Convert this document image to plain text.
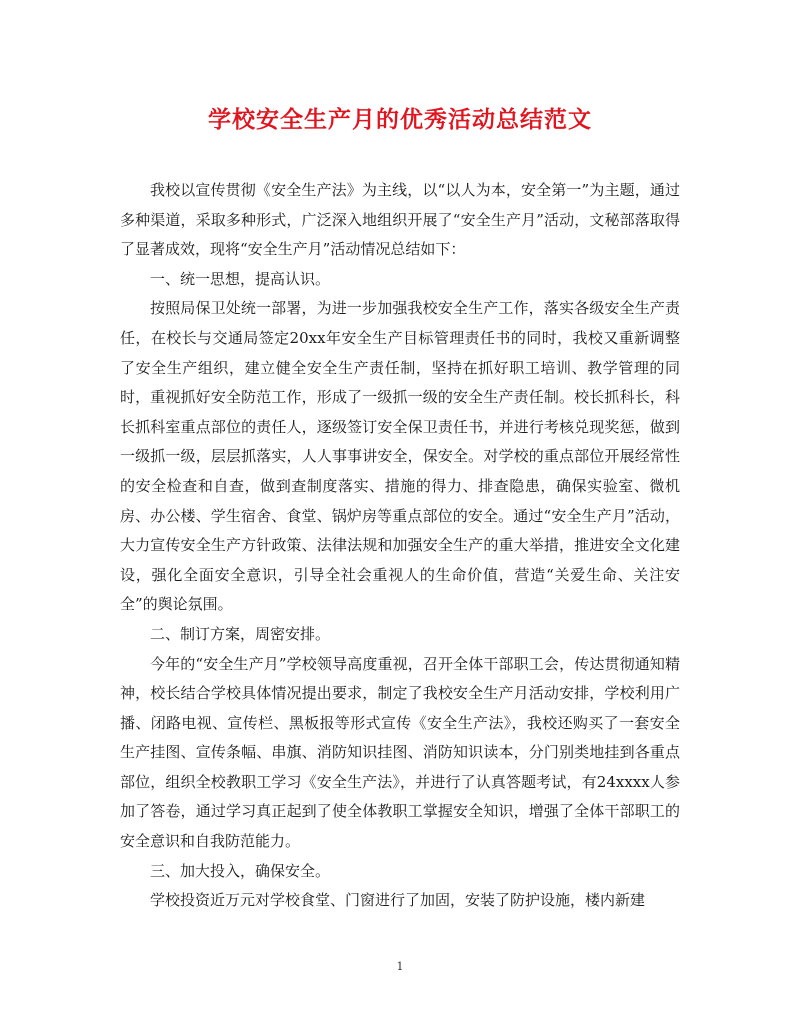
学校安全生产月的优秀活动总结范文

我校以宣传贯彻《安全生产法》为主线，以“以人为本，安全第一”为主题，通过多种渠道，采取多种形式，广泛深入地组织开展了“安全生产月”活动，文秘部落取得了显著成效，现将“安全生产月”活动情况总结如下：

一、统一思想，提高认识。

按照局保卫处统一部署，为进一步加强我校安全生产工作，落实各级安全生产责任，在校长与交通局签定20xx年安全生产目标管理责任书的同时，我校又重新调整了安全生产组织，建立健全安全生产责任制，坚持在抓好职工培训、教学管理的同时，重视抓好安全防范工作，形成了一级抓一级的安全生产责任制。校长抓科长，科长抓科室重点部位的责任人，逐级签订安全保卫责任书，并进行考核兑现奖惩，做到一级抓一级，层层抓落实，人人事事讲安全，保安全。对学校的重点部位开展经常性的安全检查和自查，做到查制度落实、措施的得力、排查隐患，确保实验室、微机房、办公楼、学生宿舍、食堂、锅炉房等重点部位的安全。通过“安全生产月”活动，大力宣传安全生产方针政策、法律法规和加强安全生产的重大举措，推进安全文化建设，强化全面安全意识，引导全社会重视人的生命价值，营造“关爱生命、关注安全”的舆论氛围。

二、制订方案，周密安排。

今年的“安全生产月”学校领导高度重视，召开全体干部职工会，传达贯彻通知精神，校长结合学校具体情况提出要求，制定了我校安全生产月活动安排，学校利用广播、闭路电视、宣传栏、黑板报等形式宣传《安全生产法》，我校还购买了一套安全生产挂图、宣传条幅、串旗、消防知识挂图、消防知识读本，分门别类地挂到各重点部位，组织全校教职工学习《安全生产法》，并进行了认真答题考试，有24xxxx人参加了答卷，通过学习真正起到了使全体教职工掌握安全知识，增强了全体干部职工的安全意识和自我防范能力。

三、加大投入，确保安全。

学校投资近万元对学校食堂、门窗进行了加固，安装了防护设施，楼内新建

1
